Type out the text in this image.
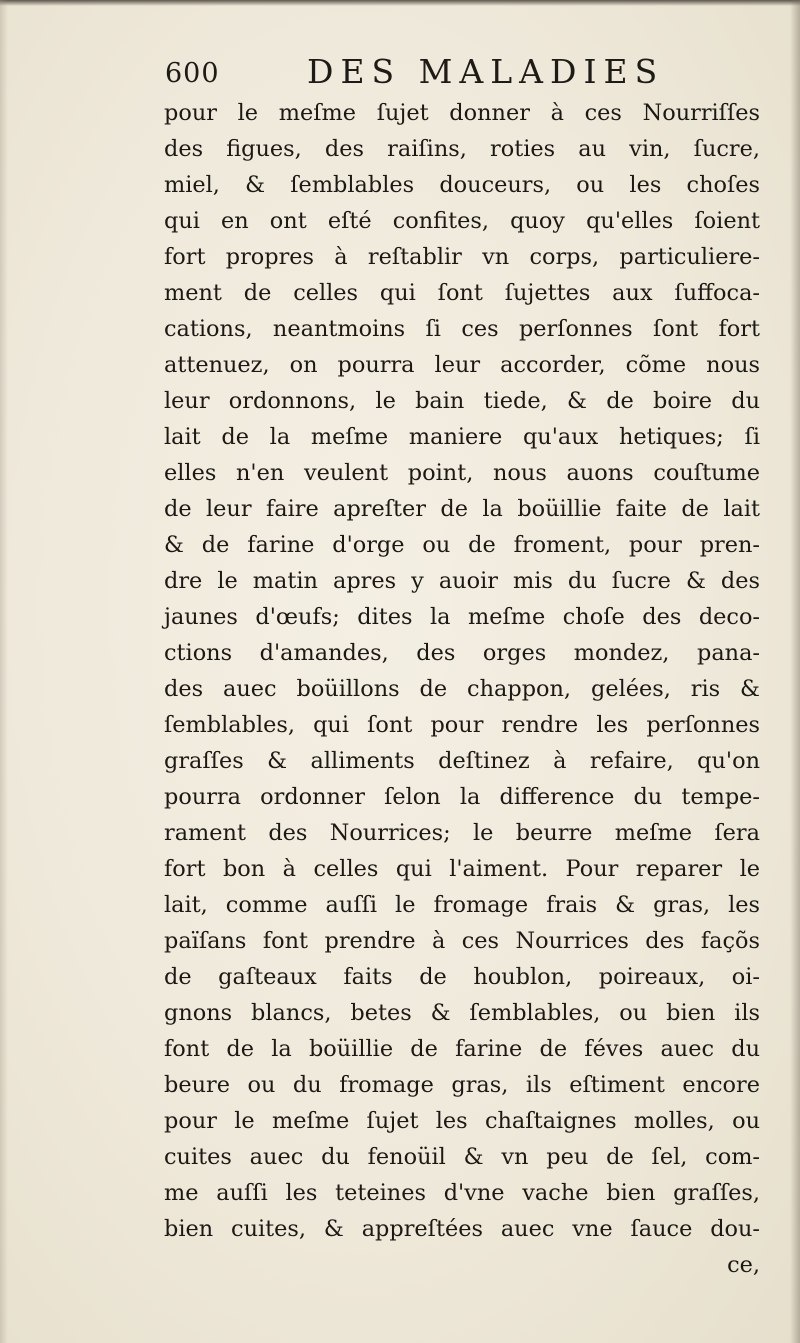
600	DES MALADIES
pour le meſme ſujet donner à ces Nourriſſes
des figues, des raiſins, roties au vin, ſucre,
miel, & ſemblables douceurs, ou les choſes
qui en ont eſté confites, quoy qu'elles ſoient
fort propres à reſtablir vn corps, particuliere-
ment de celles qui ſont ſujettes aux ſuffoca-
cations, neantmoins ſi ces perſonnes ſont fort
attenuez, on pourra leur accorder, cõme nous
leur ordonnons, le bain tiede, & de boire du
lait de la meſme maniere qu'aux hetiques; ſi
elles n'en veulent point, nous auons couſtume
de leur faire apreſter de la boüillie faite de lait
& de farine d'orge ou de froment, pour pren-
dre le matin apres y auoir mis du ſucre & des
jaunes d'œufs; dites la meſme choſe des deco-
ctions d'amandes, des orges mondez, pana-
des auec boüillons de chappon, gelées, ris &
ſemblables, qui ſont pour rendre les perſonnes
graſſes & alliments deſtinez à refaire, qu'on
pourra ordonner ſelon la difference du tempe-
rament des Nourrices; le beurre meſme ſera
fort bon à celles qui l'aiment. Pour reparer le
lait, comme auſſi le fromage frais & gras, les
païſans font prendre à ces Nourrices des façõs
de gaſteaux faits de houblon, poireaux, oi-
gnons blancs, betes & ſemblables, ou bien ils
font de la boüillie de farine de féves auec du
beure ou du fromage gras, ils eſtiment encore
pour le meſme ſujet les chaſtaignes molles, ou
cuites auec du fenoüil & vn peu de ſel, com-
me auſſi les teteines d'vne vache bien graſſes,
bien cuites, & appreſtées auec vne ſauce dou-
ce,
